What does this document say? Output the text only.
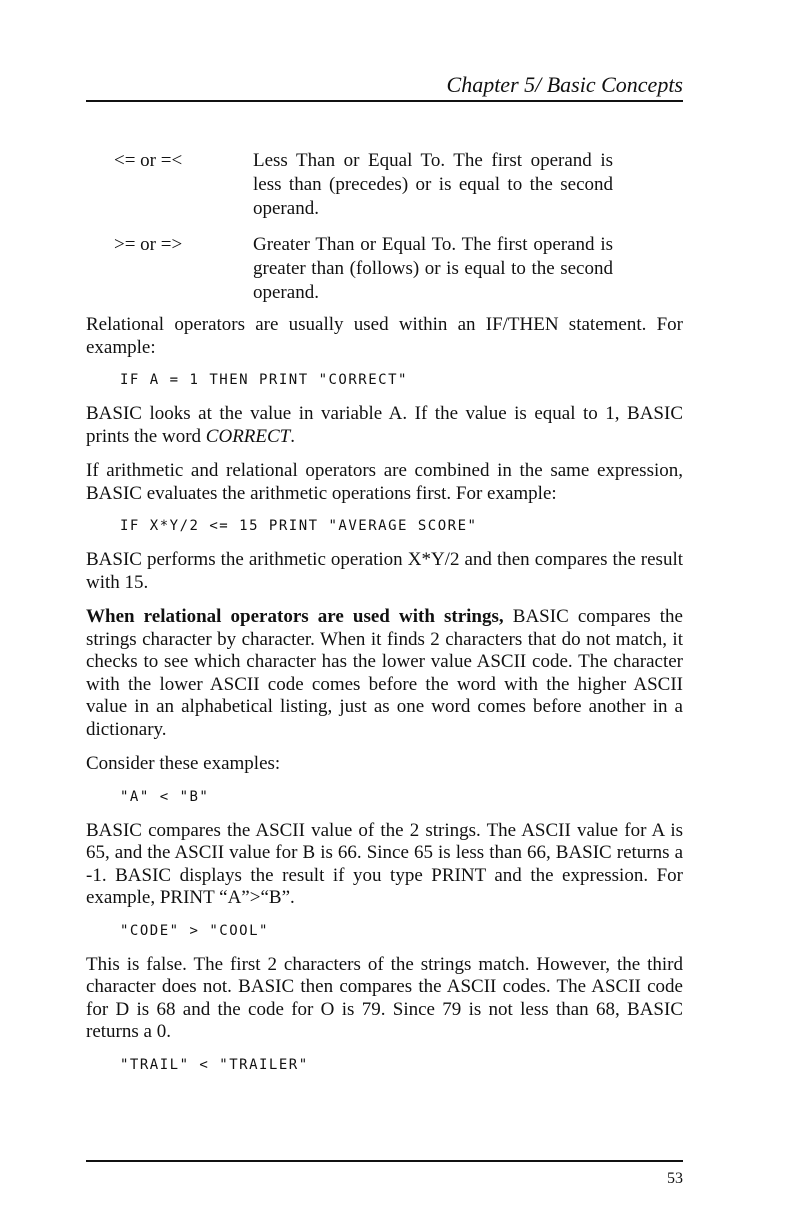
Chapter 5/ Basic Concepts
<= or =<	Less Than or Equal To. The first operand is less than (precedes) or is equal to the second operand.
>= or =>	Greater Than or Equal To. The first operand is greater than (follows) or is equal to the second operand.

Relational operators are usually used within an IF/THEN statement. For example:

IF A = 1 THEN PRINT "CORRECT"

BASIC looks at the value in variable A. If the value is equal to 1, BASIC prints the word CORRECT.

If arithmetic and relational operators are combined in the same expression, BASIC evaluates the arithmetic operations first. For example:

IF X*Y/2 <= 15 PRINT "AVERAGE SCORE"

BASIC performs the arithmetic operation X*Y/2 and then compares the result with 15.

When relational operators are used with strings, BASIC compares the strings character by character. When it finds 2 characters that do not match, it checks to see which character has the lower value ASCII code. The character with the lower ASCII code comes before the word with the higher ASCII value in an alphabetical listing, just as one word comes before another in a dictionary.

Consider these examples:

"A" < "B"

BASIC compares the ASCII value of the 2 strings. The ASCII value for A is 65, and the ASCII value for B is 66. Since 65 is less than 66, BASIC returns a -1. BASIC displays the result if you type PRINT and the expression. For example, PRINT “A”>“B”.

"CODE" > "COOL"

This is false. The first 2 characters of the strings match. However, the third character does not. BASIC then compares the ASCII codes. The ASCII code for D is 68 and the code for O is 79. Since 79 is not less than 68, BASIC returns a 0.

"TRAIL" < "TRAILER"
53
